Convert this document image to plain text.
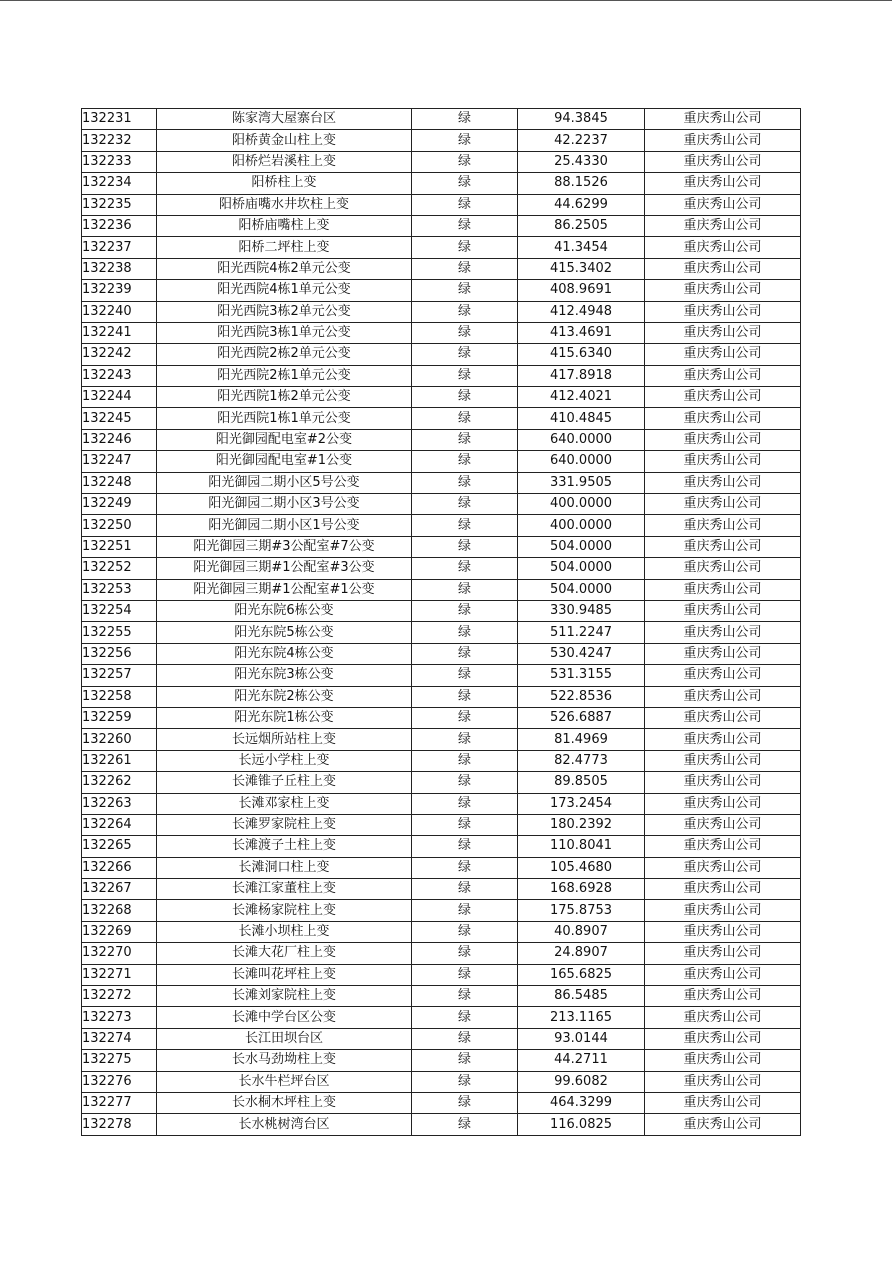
132231	陈家湾大屋寨台区	绿	94.3845	重庆秀山公司
132232	阳桥黄金山柱上变	绿	42.2237	重庆秀山公司
132233	阳桥烂岩溪柱上变	绿	25.4330	重庆秀山公司
132234	阳桥柱上变	绿	88.1526	重庆秀山公司
132235	阳桥庙嘴水井坎柱上变	绿	44.6299	重庆秀山公司
132236	阳桥庙嘴柱上变	绿	86.2505	重庆秀山公司
132237	阳桥二坪柱上变	绿	41.3454	重庆秀山公司
132238	阳光西院4栋2单元公变	绿	415.3402	重庆秀山公司
132239	阳光西院4栋1单元公变	绿	408.9691	重庆秀山公司
132240	阳光西院3栋2单元公变	绿	412.4948	重庆秀山公司
132241	阳光西院3栋1单元公变	绿	413.4691	重庆秀山公司
132242	阳光西院2栋2单元公变	绿	415.6340	重庆秀山公司
132243	阳光西院2栋1单元公变	绿	417.8918	重庆秀山公司
132244	阳光西院1栋2单元公变	绿	412.4021	重庆秀山公司
132245	阳光西院1栋1单元公变	绿	410.4845	重庆秀山公司
132246	阳光御园配电室#2公变	绿	640.0000	重庆秀山公司
132247	阳光御园配电室#1公变	绿	640.0000	重庆秀山公司
132248	阳光御园二期小区5号公变	绿	331.9505	重庆秀山公司
132249	阳光御园二期小区3号公变	绿	400.0000	重庆秀山公司
132250	阳光御园二期小区1号公变	绿	400.0000	重庆秀山公司
132251	阳光御园三期#3公配室#7公变	绿	504.0000	重庆秀山公司
132252	阳光御园三期#1公配室#3公变	绿	504.0000	重庆秀山公司
132253	阳光御园三期#1公配室#1公变	绿	504.0000	重庆秀山公司
132254	阳光东院6栋公变	绿	330.9485	重庆秀山公司
132255	阳光东院5栋公变	绿	511.2247	重庆秀山公司
132256	阳光东院4栋公变	绿	530.4247	重庆秀山公司
132257	阳光东院3栋公变	绿	531.3155	重庆秀山公司
132258	阳光东院2栋公变	绿	522.8536	重庆秀山公司
132259	阳光东院1栋公变	绿	526.6887	重庆秀山公司
132260	长远烟所站柱上变	绿	81.4969	重庆秀山公司
132261	长远小学柱上变	绿	82.4773	重庆秀山公司
132262	长滩锥子丘柱上变	绿	89.8505	重庆秀山公司
132263	长滩邓家柱上变	绿	173.2454	重庆秀山公司
132264	长滩罗家院柱上变	绿	180.2392	重庆秀山公司
132265	长滩渡子土柱上变	绿	110.8041	重庆秀山公司
132266	长滩洞口柱上变	绿	105.4680	重庆秀山公司
132267	长滩江家董柱上变	绿	168.6928	重庆秀山公司
132268	长滩杨家院柱上变	绿	175.8753	重庆秀山公司
132269	长滩小坝柱上变	绿	40.8907	重庆秀山公司
132270	长滩大花厂柱上变	绿	24.8907	重庆秀山公司
132271	长滩叫花坪柱上变	绿	165.6825	重庆秀山公司
132272	长滩刘家院柱上变	绿	86.5485	重庆秀山公司
132273	长滩中学台区公变	绿	213.1165	重庆秀山公司
132274	长江田坝台区	绿	93.0144	重庆秀山公司
132275	长水马劲坳柱上变	绿	44.2711	重庆秀山公司
132276	长水牛栏坪台区	绿	99.6082	重庆秀山公司
132277	长水桐木坪柱上变	绿	464.3299	重庆秀山公司
132278	长水桃树湾台区	绿	116.0825	重庆秀山公司
